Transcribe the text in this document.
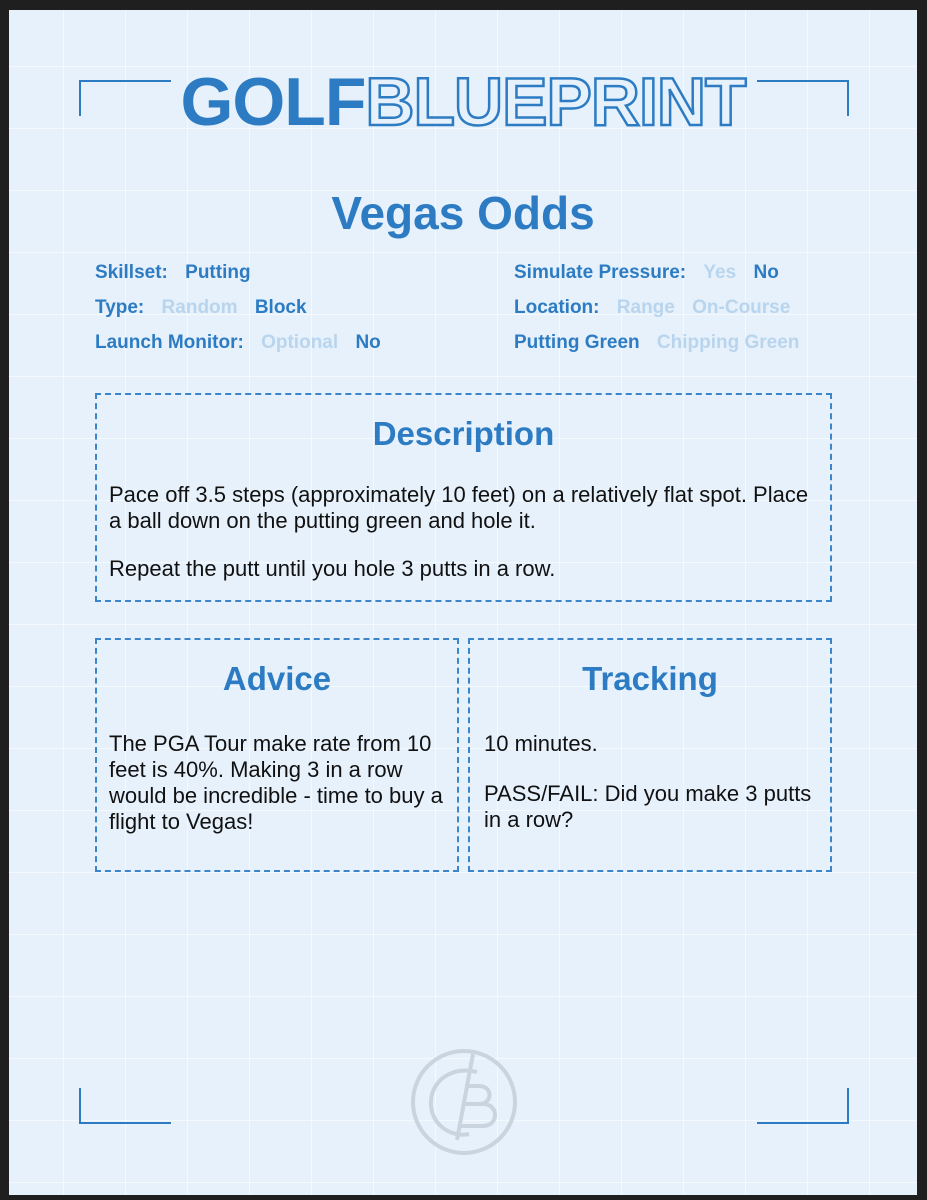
GOLFBLUEPRINT
Vegas Odds
Skillset: Putting
Type: Random Block
Launch Monitor: Optional No
Simulate Pressure: Yes No
Location: Range On-Course
Putting Green Chipping Green
Description

Pace off 3.5 steps (approximately 10 feet) on a relatively flat spot. Place a ball down on the putting green and hole it.

Repeat the putt until you hole 3 putts in a row.

Advice

The PGA Tour make rate from 10 feet is 40%. Making 3 in a row would be incredible - time to buy a flight to Vegas!

Tracking

10 minutes.

PASS/FAIL: Did you make 3 putts in a row?
